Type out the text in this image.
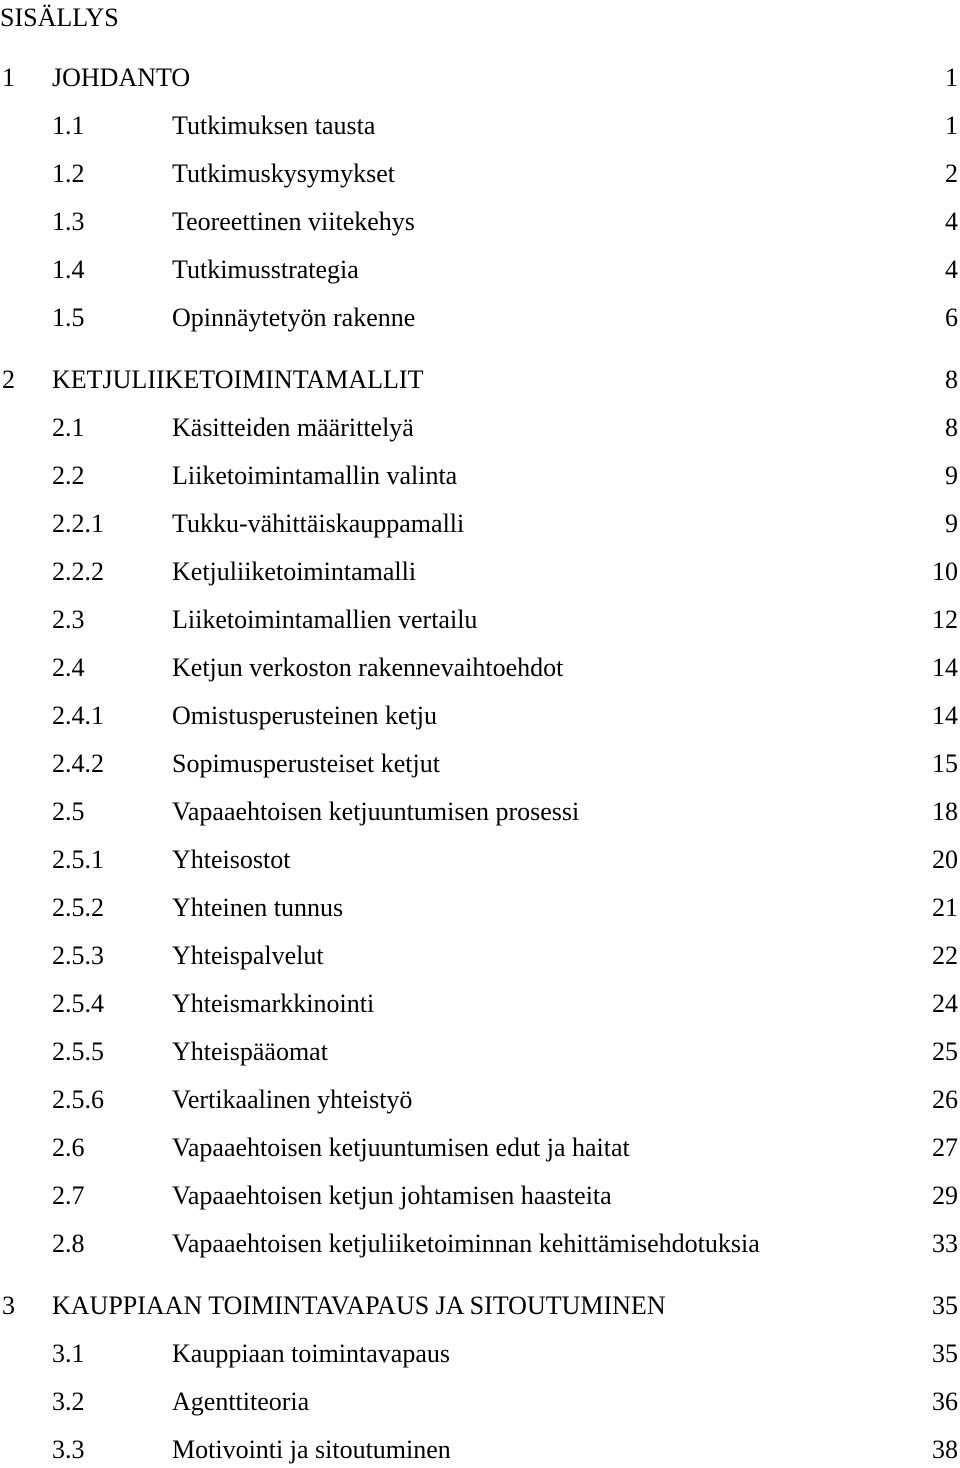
SISÄLLYS
1 JOHDANTO	1
1.1	Tutkimuksen tausta	1
1.2	Tutkimuskysymykset	2
1.3	Teoreettinen viitekehys	4
1.4	Tutkimusstrategia	4
1.5	Opinnäytetyön rakenne	6
2 KETJULIIKETOIMINTAMALLIT	8
2.1	Käsitteiden määrittelyä	8
2.2	Liiketoimintamallin valinta	9
2.2.1	Tukku-vähittäiskauppamalli	9
2.2.2	Ketjuliiketoimintamalli	10
2.3	Liiketoimintamallien vertailu	12
2.4	Ketjun verkoston rakennevaihtoehdot	14
2.4.1	Omistusperusteinen ketju	14
2.4.2	Sopimusperusteiset ketjut	15
2.5	Vapaaehtoisen ketjuuntumisen prosessi	18
2.5.1	Yhteisostot	20
2.5.2	Yhteinen tunnus	21
2.5.3	Yhteispalvelut	22
2.5.4	Yhteismarkkinointi	24
2.5.5	Yhteispääomat	25
2.5.6	Vertikaalinen yhteistyö	26
2.6	Vapaaehtoisen ketjuuntumisen edut ja haitat	27
2.7	Vapaaehtoisen ketjun johtamisen haasteita	29
2.8	Vapaaehtoisen ketjuliiketoiminnan kehittämisehdotuksia	33
3 KAUPPIAAN TOIMINTAVAPAUS JA SITOUTUMINEN	35
3.1	Kauppiaan toimintavapaus	35
3.2	Agenttiteoria	36
3.3	Motivointi ja sitoutuminen	38
